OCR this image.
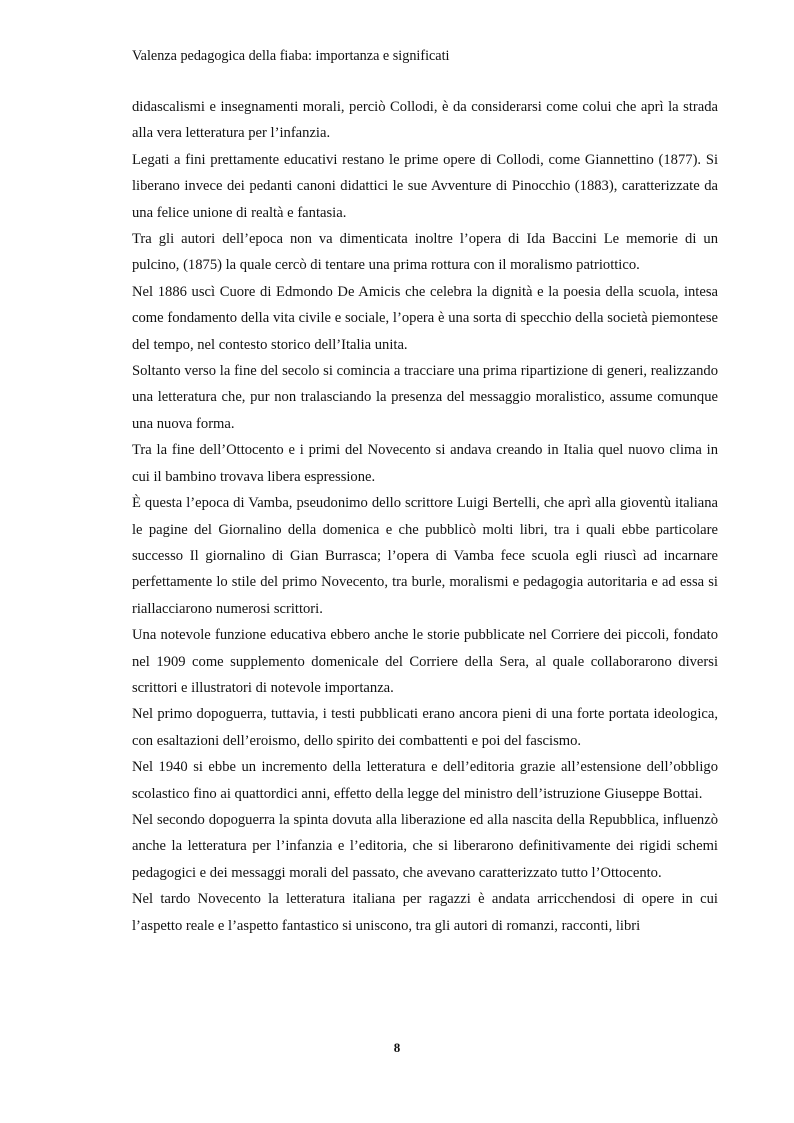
Valenza pedagogica della fiaba: importanza e significati

didascalismi e insegnamenti morali, perciò Collodi, è da considerarsi come colui che aprì la strada alla vera letteratura per l’infanzia.

Legati a fini prettamente educativi restano le prime opere di Collodi, come Giannettino (1877). Si liberano invece dei pedanti canoni didattici le sue Avventure di Pinocchio (1883), caratterizzate da una felice unione di realtà e fantasia.

Tra gli autori dell’epoca non va dimenticata inoltre l’opera di Ida Baccini Le memorie di un pulcino, (1875) la quale cercò di tentare una prima rottura con il moralismo patriottico.

Nel 1886 uscì Cuore di Edmondo De Amicis che celebra la dignità e la poesia della scuola, intesa come fondamento della vita civile e sociale, l’opera è una sorta di specchio della società piemontese del tempo, nel contesto storico dell’Italia unita.

Soltanto verso la fine del secolo si comincia a tracciare una prima ripartizione di generi, realizzando una letteratura che, pur non tralasciando la presenza del messaggio moralistico, assume comunque una nuova forma.

Tra la fine dell’Ottocento e i primi del Novecento si andava creando in Italia quel nuovo clima in cui il bambino trovava libera espressione.

È questa l’epoca di Vamba, pseudonimo dello scrittore Luigi Bertelli, che aprì alla gioventù italiana le pagine del Giornalino della domenica e che pubblicò molti libri, tra i quali ebbe particolare successo Il giornalino di Gian Burrasca; l’opera di Vamba fece scuola egli riuscì ad incarnare perfettamente lo stile del primo Novecento, tra burle, moralismi e pedagogia autoritaria e ad essa si riallacciarono numerosi scrittori.

Una notevole funzione educativa ebbero anche le storie pubblicate nel Corriere dei piccoli, fondato nel 1909 come supplemento domenicale del Corriere della Sera, al quale collaborarono diversi scrittori e illustratori di notevole importanza.

Nel primo dopoguerra, tuttavia, i testi pubblicati erano ancora pieni di una forte portata ideologica, con esaltazioni dell’eroismo, dello spirito dei combattenti e poi del fascismo.

Nel 1940 si ebbe un incremento della letteratura e dell’editoria grazie all’estensione dell’obbligo scolastico fino ai quattordici anni, effetto della legge del ministro dell’istruzione Giuseppe Bottai.

Nel secondo dopoguerra la spinta dovuta alla liberazione ed alla nascita della Repubblica, influenzò anche la letteratura per l’infanzia e l’editoria, che si liberarono definitivamente dei rigidi schemi pedagogici e dei messaggi morali del passato, che avevano caratterizzato tutto l’Ottocento.

Nel tardo Novecento la letteratura italiana per ragazzi è andata arricchendosi di opere in cui l’aspetto reale e l’aspetto fantastico si uniscono, tra gli autori di romanzi, racconti, libri

8
